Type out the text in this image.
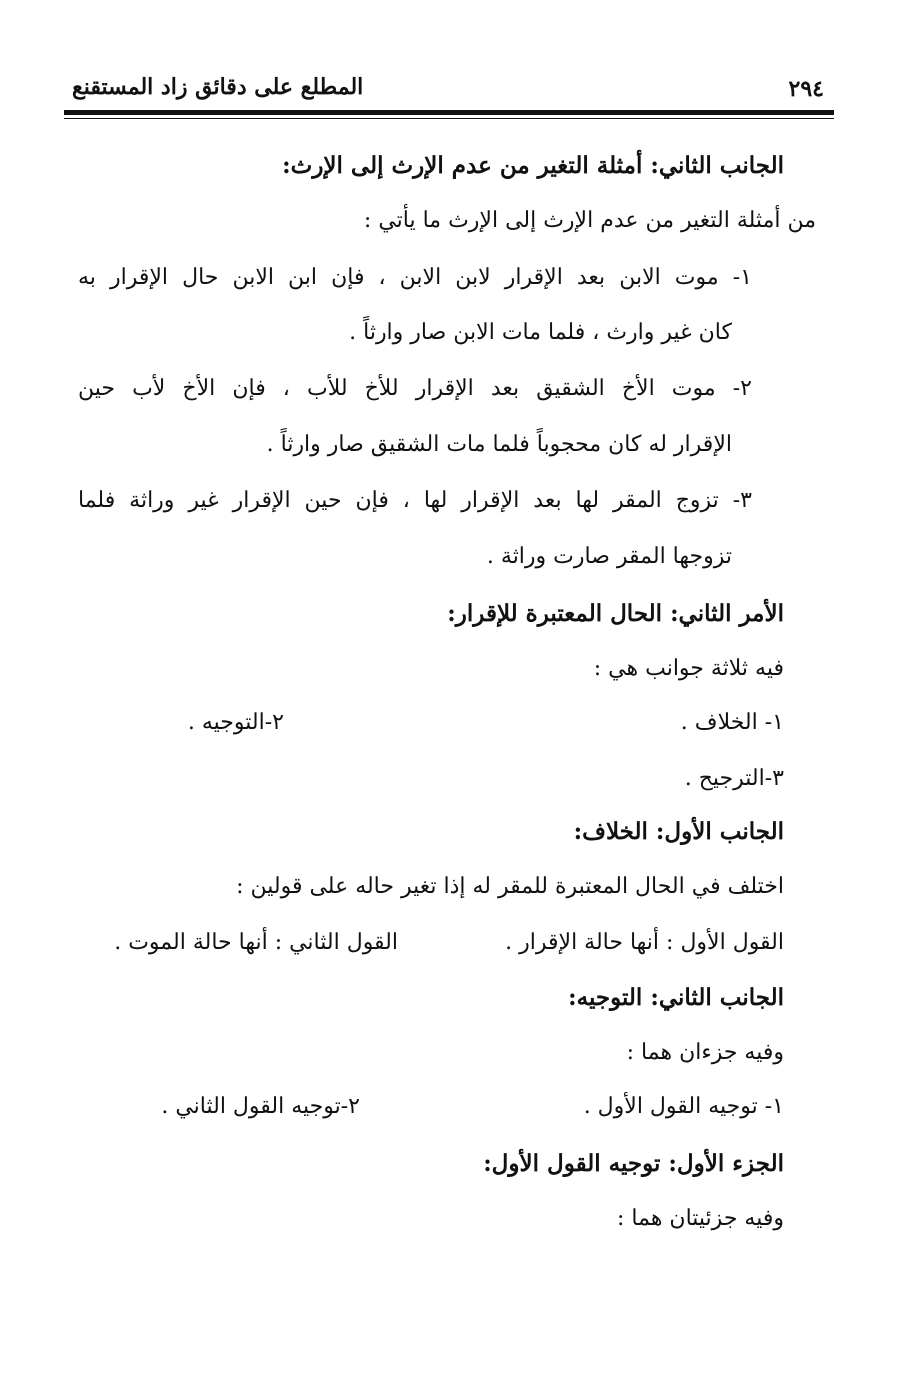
٢٩٤
المطلع على دقائق زاد المستقنع
الجانب الثاني: أمثلة التغير من عدم الإرث إلى الإرث:
من أمثلة التغير من عدم الإرث إلى الإرث ما يأتي :
١- موت الابن بعد الإقرار لابن الابن ، فإن ابن الابن حال الإقرار به
كان غير وارث ، فلما مات الابن صار وارثاً .
٢- موت الأخ الشقيق بعد الإقرار للأخ للأب ، فإن الأخ لأب حين
الإقرار له كان محجوباً فلما مات الشقيق صار وارثاً .
٣- تزوج المقر لها بعد الإقرار لها ، فإن حين الإقرار غير وراثة فلما
تزوجها المقر صارت وراثة .
الأمر الثاني: الحال المعتبرة للإقرار:
فيه ثلاثة جوانب هي :
١- الخلاف .
٢-التوجيه .
٣-الترجيح .
الجانب الأول: الخلاف:
اختلف في الحال المعتبرة للمقر له إذا تغير حاله على قولين :
القول الأول : أنها حالة الإقرار .
القول الثاني : أنها حالة الموت .
الجانب الثاني: التوجيه:
وفيه جزءان هما :
١- توجيه القول الأول .
٢-توجيه القول الثاني .
الجزء الأول: توجيه القول الأول:
وفيه جزئيتان هما :
